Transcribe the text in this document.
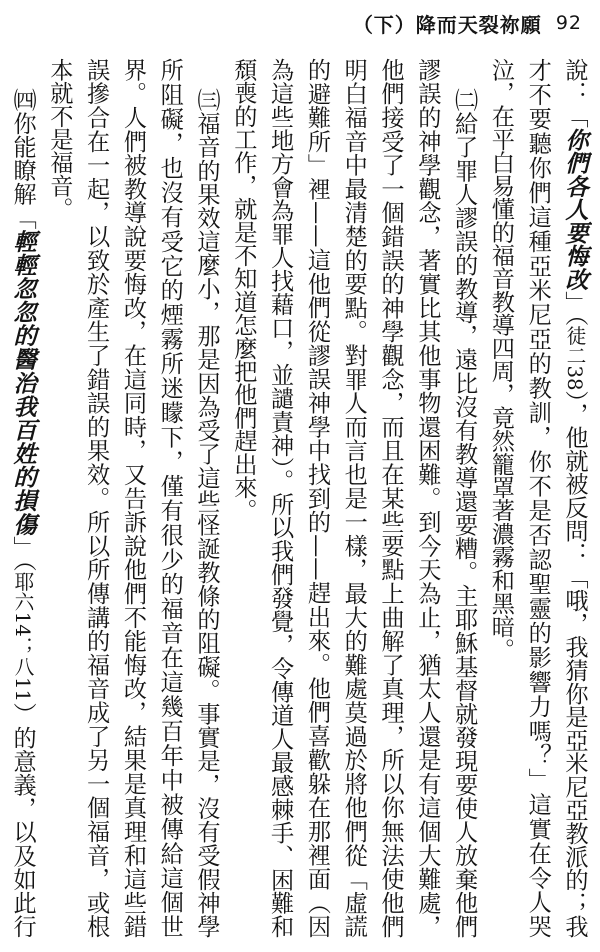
（下）降而天裂祢願 92

說：「你們各人要悔改」（徒二38），他就被反問：「哦，我猜你是亞米尼亞教派的；我才不要聽你們這種亞米尼亞的教訓，你不是否認聖靈的影響力嗎？」這實在令人哭泣，在平白易懂的福音教導四周，竟然籠罩著濃霧和黑暗。

㈡給了罪人謬誤的教導，遠比沒有教導還要糟。主耶穌基督就發現要使人放棄他們謬誤的神學觀念，著實比其他事物還困難。到今天為止，猶太人還是有這個大難處，他們接受了一個錯誤的神學觀念，而且在某些要點上曲解了真理，所以你無法使他們明白福音中最清楚的要點。對罪人而言也是一樣，最大的難處莫過於將他們從「虛謊的避難所」裡——這他們從謬誤神學中找到的——趕出來。他們喜歡躲在那裡面（因為這些地方會為罪人找藉口，並譴責神）。所以我們發覺，令傳道人最感棘手、困難和頹喪的工作，就是不知道怎麼把他們趕出來。

㈢福音的果效這麼小，那是因為受了這些怪誕教條的阻礙。事實是，沒有受假神學所阻礙，也沒有受它的煙霧所迷矇下，僅有很少的福音在這幾百年中被傳給這個世界。人們被教導說要悔改，在這同時，又告訴說他們不能悔改，結果是真理和這些錯誤摻合在一起，以致於產生了錯誤的果效。所以所傳講的福音成了另一個福音，或根本就不是福音。

㈣你能瞭解「輕輕忽忽的醫治我百姓的損傷」（耶六14；八11）的意義，以及如此行
